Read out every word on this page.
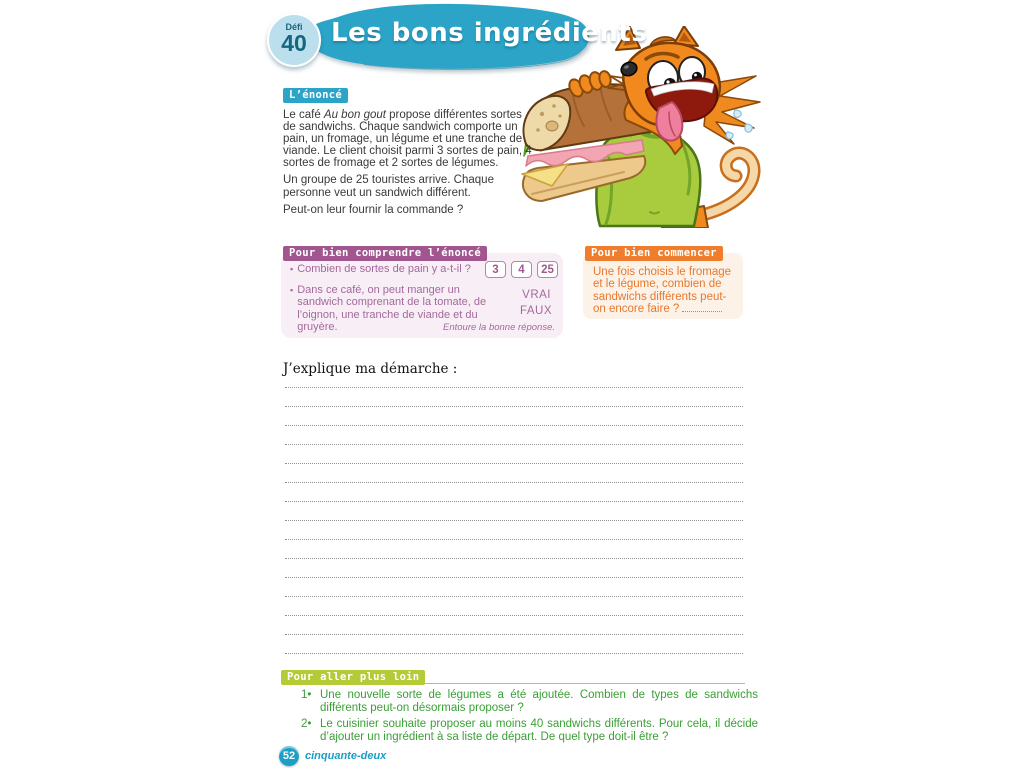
Défi
40 Les bons ingrédients
L’énoncé

Le café Au bon gout propose différentes sortes de sandwichs. Chaque sandwich comporte un pain, un fromage, un légume et une tranche de viande. Le client choisit parmi 3 sortes de pain, 4 sortes de fromage et 2 sortes de légumes.

Un groupe de 25 touristes arrive. Chaque personne veut un sandwich différent.

Peut-on leur fournir la commande ?

Pour bien comprendre l’énoncé
▪ Combien de sortes de pain y a-t-il ?	3	4	25
▪ Dans ce café, on peut manger un sandwich comprenant de la tomate, de l’oignon, une tranche de viande et du gruyère.
VRAI
FAUX
Entoure la bonne réponse.
Pour bien commencer
Une fois choisis le fromage et le légume, combien de sandwichs différents peut-on encore faire ?
J’explique ma démarche :
Pour aller plus loin
1• Une nouvelle sorte de légumes a été ajoutée. Combien de types de sandwichs différents peut-on désormais proposer ?
2• Le cuisinier souhaite proposer au moins 40 sandwichs différents. Pour cela, il décide d’ajouter un ingrédient à sa liste de départ. De quel type doit-il être ?
52 cinquante-deux
